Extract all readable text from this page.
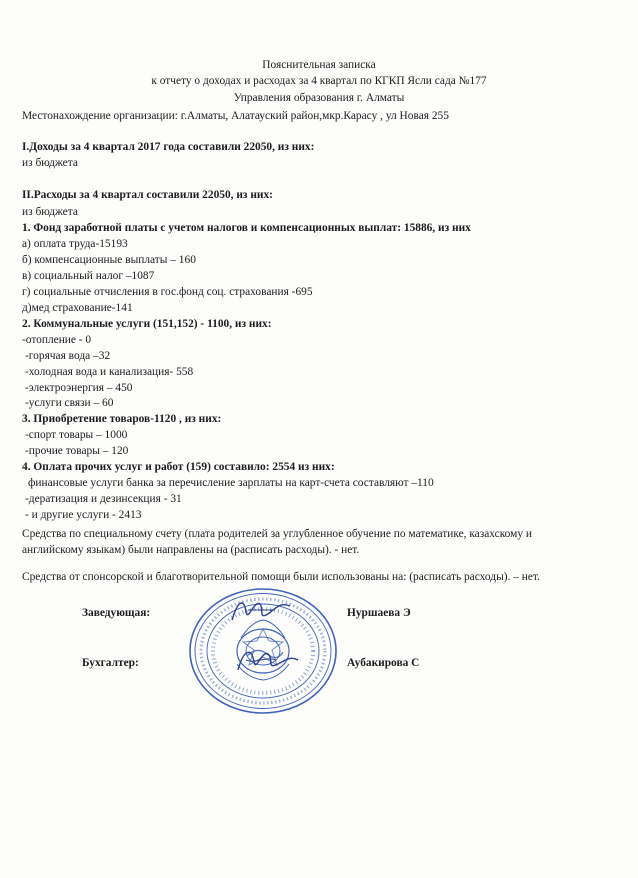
Пояснительная записка
к отчету о доходах и расходах за 4 квартал по КГКП Ясли сада №177
Управления образования г. Алматы
Местонахождение организации: г.Алматы, Алатауский район,мкр.Карасу , ул Новая 255
I.Доходы за 4 квартал 2017 года составили 22050, из них:
из бюджета
II.Расходы за 4 квартал составили 22050, из них:
из бюджета
1. Фонд заработной платы с учетом налогов и компенсационных выплат: 15886, из них
а) оплата труда-15193
б) компенсационные выплаты – 160
в) социальный налог –1087
г) социальные отчисления в гос.фонд соц. страхования -695
д)мед страхование-141
2. Коммунальные услуги (151,152) - 1100, из них:
-отопление - 0
-горячая вода –32
-холодная вода и канализация- 558
-электроэнергия – 450
-услуги связи – 60
3. Приобретение товаров-1120 , из них:
-спорт товары – 1000
-прочие товары – 120
4. Оплата прочих услуг и работ (159) составило: 2554 из них:
финансовые услуги банка за перечисление зарплаты на карт-счета составляют –110
-дератизация и дезинсекция - 31
- и другие услуги - 2413
Средства по специальному счету (плата родителей за углубленное обучение по математике, казахскому и английскому языкам) были направлены на (расписать расходы). - нет.
Средства от спонсорской и благотворительной помощи были использованы на: (расписать расходы). – нет.
Заведующая:	Нуршаева Э
Бухгалтер:	Аубакирова С
